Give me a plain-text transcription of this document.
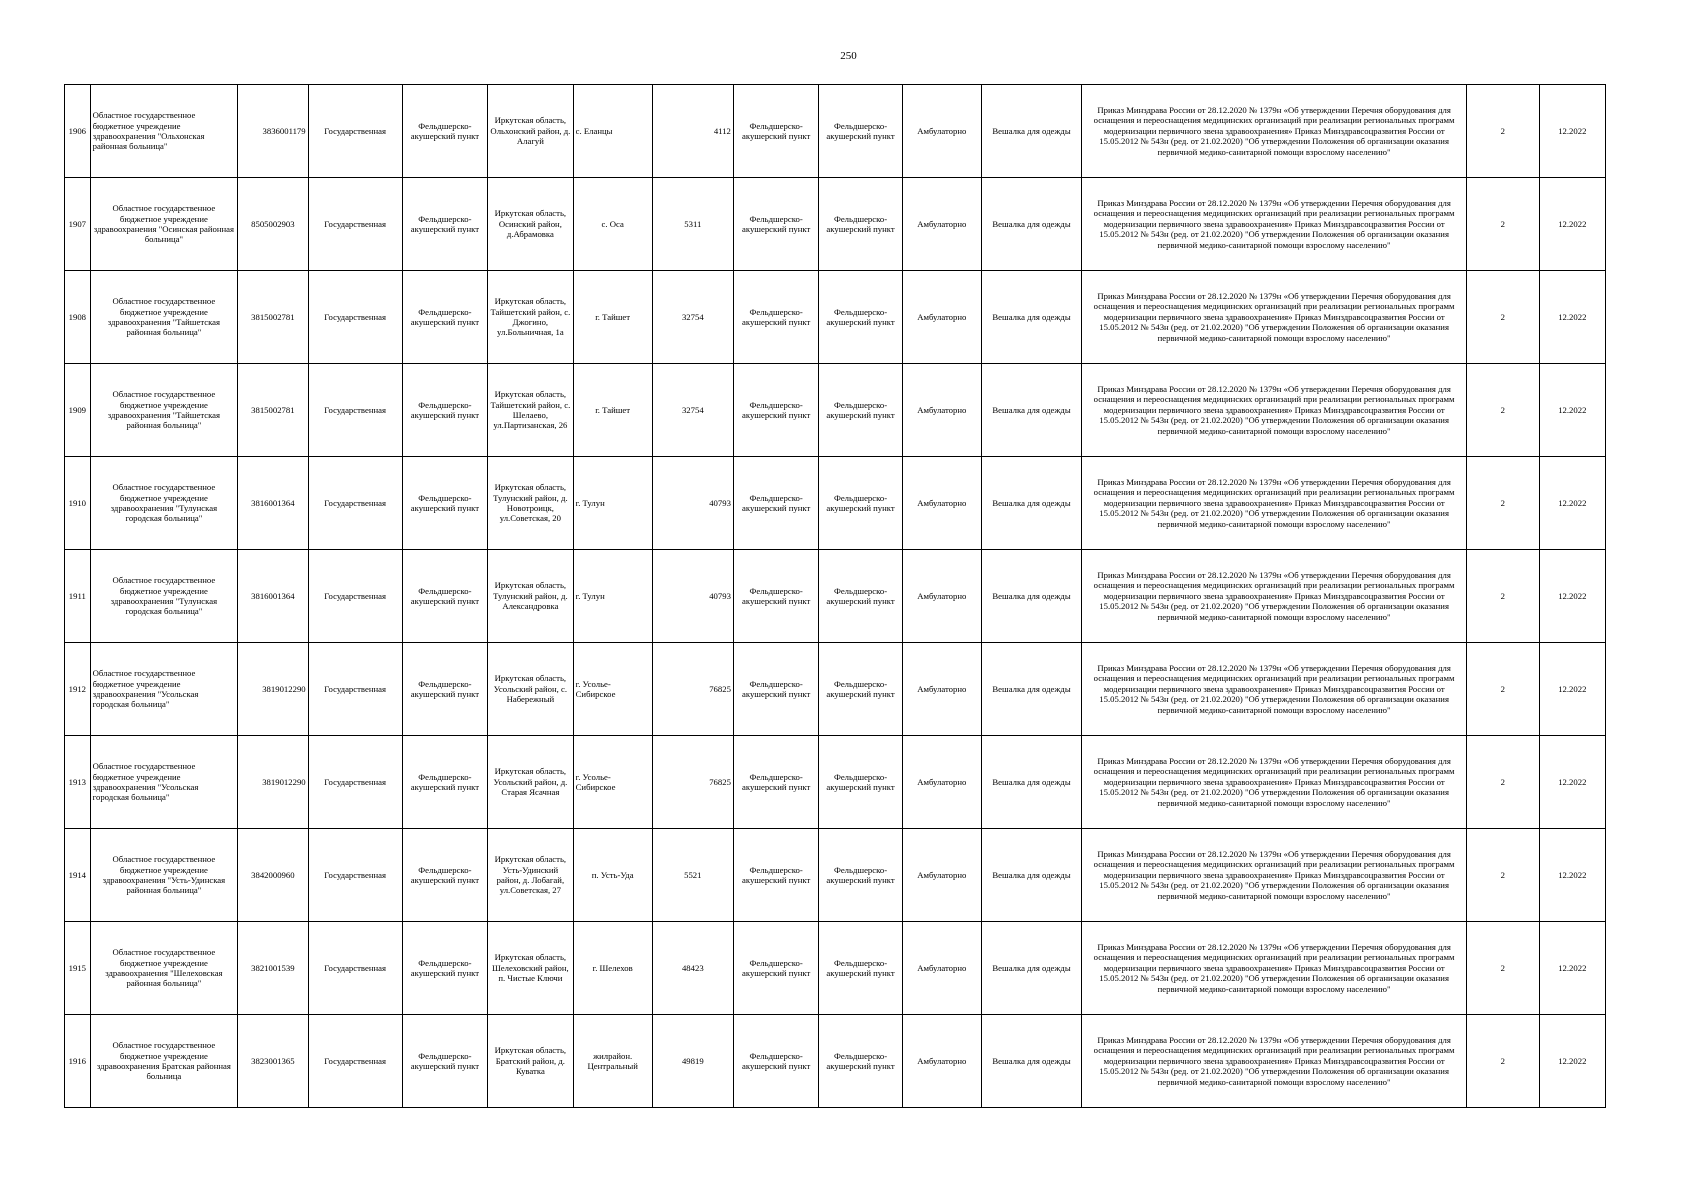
250
1906	Областное государственное бюджетное учреждение здравоохранения "Ольхонская районная больница"	3836001179	Государственная	Фельдшерско-акушерский пункт	Иркутская область, Ольхонский район, д. Алагуй	с. Еланцы	4112	Фельдшерско-акушерский пункт	Фельдшерско-акушерский пункт	Амбулаторно	Вешалка для одежды	Приказ Минздрава России от 28.12.2020 № 1379н «Об утверждении Перечня оборудования для оснащения и переоснащения медицинских организаций при реализации региональных программ модернизации первичного звена здравоохранения» Приказ Минздравсоцразвития России от 15.05.2012 № 543н (ред. от 21.02.2020) "Об утверждении Положения об организации оказания первичной медико-санитарной помощи взрослому населению"	2	12.2022
1907	Областное государственное бюджетное учреждение здравоохранения "Осинская районная больница"	8505002903	Государственная	Фельдшерско-акушерский пункт	Иркутская область, Осинский район, д.Абрамовка	с. Оса	5311	Фельдшерско-акушерский пункт	Фельдшерско-акушерский пункт	Амбулаторно	Вешалка для одежды	Приказ Минздрава России от 28.12.2020 № 1379н «Об утверждении Перечня оборудования для оснащения и переоснащения медицинских организаций при реализации региональных программ модернизации первичного звена здравоохранения» Приказ Минздравсоцразвития России от 15.05.2012 № 543н (ред. от 21.02.2020) "Об утверждении Положения об организации оказания первичной медико-санитарной помощи взрослому населению"	2	12.2022
1908	Областное государственное бюджетное учреждение здравоохранения "Тайшетская районная больница"	3815002781	Государственная	Фельдшерско-акушерский пункт	Иркутская область, Тайшетский район, с. Джогино, ул.Больничная, 1а	г. Тайшет	32754	Фельдшерско-акушерский пункт	Фельдшерско-акушерский пункт	Амбулаторно	Вешалка для одежды	Приказ Минздрава России от 28.12.2020 № 1379н «Об утверждении Перечня оборудования для оснащения и переоснащения медицинских организаций при реализации региональных программ модернизации первичного звена здравоохранения» Приказ Минздравсоцразвития России от 15.05.2012 № 543н (ред. от 21.02.2020) "Об утверждении Положения об организации оказания первичной медико-санитарной помощи взрослому населению"	2	12.2022
1909	Областное государственное бюджетное учреждение здравоохранения "Тайшетская районная больница"	3815002781	Государственная	Фельдшерско-акушерский пункт	Иркутская область, Тайшетский район, с. Шелаево, ул.Партизанская, 26	г. Тайшет	32754	Фельдшерско-акушерский пункт	Фельдшерско-акушерский пункт	Амбулаторно	Вешалка для одежды	Приказ Минздрава России от 28.12.2020 № 1379н «Об утверждении Перечня оборудования для оснащения и переоснащения медицинских организаций при реализации региональных программ модернизации первичного звена здравоохранения» Приказ Минздравсоцразвития России от 15.05.2012 № 543н (ред. от 21.02.2020) "Об утверждении Положения об организации оказания первичной медико-санитарной помощи взрослому населению"	2	12.2022
1910	Областное государственное бюджетное учреждение здравоохранения "Тулунская городская больница"	3816001364	Государственная	Фельдшерско-акушерский пункт	Иркутская область, Тулунский район, д. Новотроицк, ул.Советская, 20	г. Тулун	40793	Фельдшерско-акушерский пункт	Фельдшерско-акушерский пункт	Амбулаторно	Вешалка для одежды	Приказ Минздрава России от 28.12.2020 № 1379н «Об утверждении Перечня оборудования для оснащения и переоснащения медицинских организаций при реализации региональных программ модернизации первичного звена здравоохранения» Приказ Минздравсоцразвития России от 15.05.2012 № 543н (ред. от 21.02.2020) "Об утверждении Положения об организации оказания первичной медико-санитарной помощи взрослому населению"	2	12.2022
1911	Областное государственное бюджетное учреждение здравоохранения "Тулунская городская больница"	3816001364	Государственная	Фельдшерско-акушерский пункт	Иркутская область, Тулунский район, д. Александровка	г. Тулун	40793	Фельдшерско-акушерский пункт	Фельдшерско-акушерский пункт	Амбулаторно	Вешалка для одежды	Приказ Минздрава России от 28.12.2020 № 1379н «Об утверждении Перечня оборудования для оснащения и переоснащения медицинских организаций при реализации региональных программ модернизации первичного звена здравоохранения» Приказ Минздравсоцразвития России от 15.05.2012 № 543н (ред. от 21.02.2020) "Об утверждении Положения об организации оказания первичной медико-санитарной помощи взрослому населению"	2	12.2022
1912	Областное государственное бюджетное учреждение здравоохранения "Усольская городская больница"	3819012290	Государственная	Фельдшерско-акушерский пункт	Иркутская область, Усольский район, с. Набережный	г. Усолье-Сибирское	76825	Фельдшерско-акушерский пункт	Фельдшерско-акушерский пункт	Амбулаторно	Вешалка для одежды	Приказ Минздрава России от 28.12.2020 № 1379н «Об утверждении Перечня оборудования для оснащения и переоснащения медицинских организаций при реализации региональных программ модернизации первичного звена здравоохранения» Приказ Минздравсоцразвития России от 15.05.2012 № 543н (ред. от 21.02.2020) "Об утверждении Положения об организации оказания первичной медико-санитарной помощи взрослому населению"	2	12.2022
1913	Областное государственное бюджетное учреждение здравоохранения "Усольская городская больница"	3819012290	Государственная	Фельдшерско-акушерский пункт	Иркутская область, Усольский район, д. Старая Ясачная	г. Усолье-Сибирское	76825	Фельдшерско-акушерский пункт	Фельдшерско-акушерский пункт	Амбулаторно	Вешалка для одежды	Приказ Минздрава России от 28.12.2020 № 1379н «Об утверждении Перечня оборудования для оснащения и переоснащения медицинских организаций при реализации региональных программ модернизации первичного звена здравоохранения» Приказ Минздравсоцразвития России от 15.05.2012 № 543н (ред. от 21.02.2020) "Об утверждении Положения об организации оказания первичной медико-санитарной помощи взрослому населению"	2	12.2022
1914	Областное государственное бюджетное учреждение здравоохранения "Усть-Удинская районная больница"	3842000960	Государственная	Фельдшерско-акушерский пункт	Иркутская область, Усть-Удинский район, д. Лобагай, ул.Советская, 27	п. Усть-Уда	5521	Фельдшерско-акушерский пункт	Фельдшерско-акушерский пункт	Амбулаторно	Вешалка для одежды	Приказ Минздрава России от 28.12.2020 № 1379н «Об утверждении Перечня оборудования для оснащения и переоснащения медицинских организаций при реализации региональных программ модернизации первичного звена здравоохранения» Приказ Минздравсоцразвития России от 15.05.2012 № 543н (ред. от 21.02.2020) "Об утверждении Положения об организации оказания первичной медико-санитарной помощи взрослому населению"	2	12.2022
1915	Областное государственное бюджетное учреждение здравоохранения "Шелеховская районная больница"	3821001539	Государственная	Фельдшерско-акушерский пункт	Иркутская область, Шелеховский район, п. Чистые Ключи	г. Шелехов	48423	Фельдшерско-акушерский пункт	Фельдшерско-акушерский пункт	Амбулаторно	Вешалка для одежды	Приказ Минздрава России от 28.12.2020 № 1379н «Об утверждении Перечня оборудования для оснащения и переоснащения медицинских организаций при реализации региональных программ модернизации первичного звена здравоохранения» Приказ Минздравсоцразвития России от 15.05.2012 № 543н (ред. от 21.02.2020) "Об утверждении Положения об организации оказания первичной медико-санитарной помощи взрослому населению"	2	12.2022
1916	Областное государственное бюджетное учреждение здравоохранения Братская районная больница	3823001365	Государственная	Фельдшерско-акушерский пункт	Иркутская область, Братский район, д. Куватка	жилрайон. Центральный	49819	Фельдшерско-акушерский пункт	Фельдшерско-акушерский пункт	Амбулаторно	Вешалка для одежды	Приказ Минздрава России от 28.12.2020 № 1379н «Об утверждении Перечня оборудования для оснащения и переоснащения медицинских организаций при реализации региональных программ модернизации первичного звена здравоохранения» Приказ Минздравсоцразвития России от 15.05.2012 № 543н (ред. от 21.02.2020) "Об утверждении Положения об организации оказания первичной медико-санитарной помощи взрослому населению"	2	12.2022
